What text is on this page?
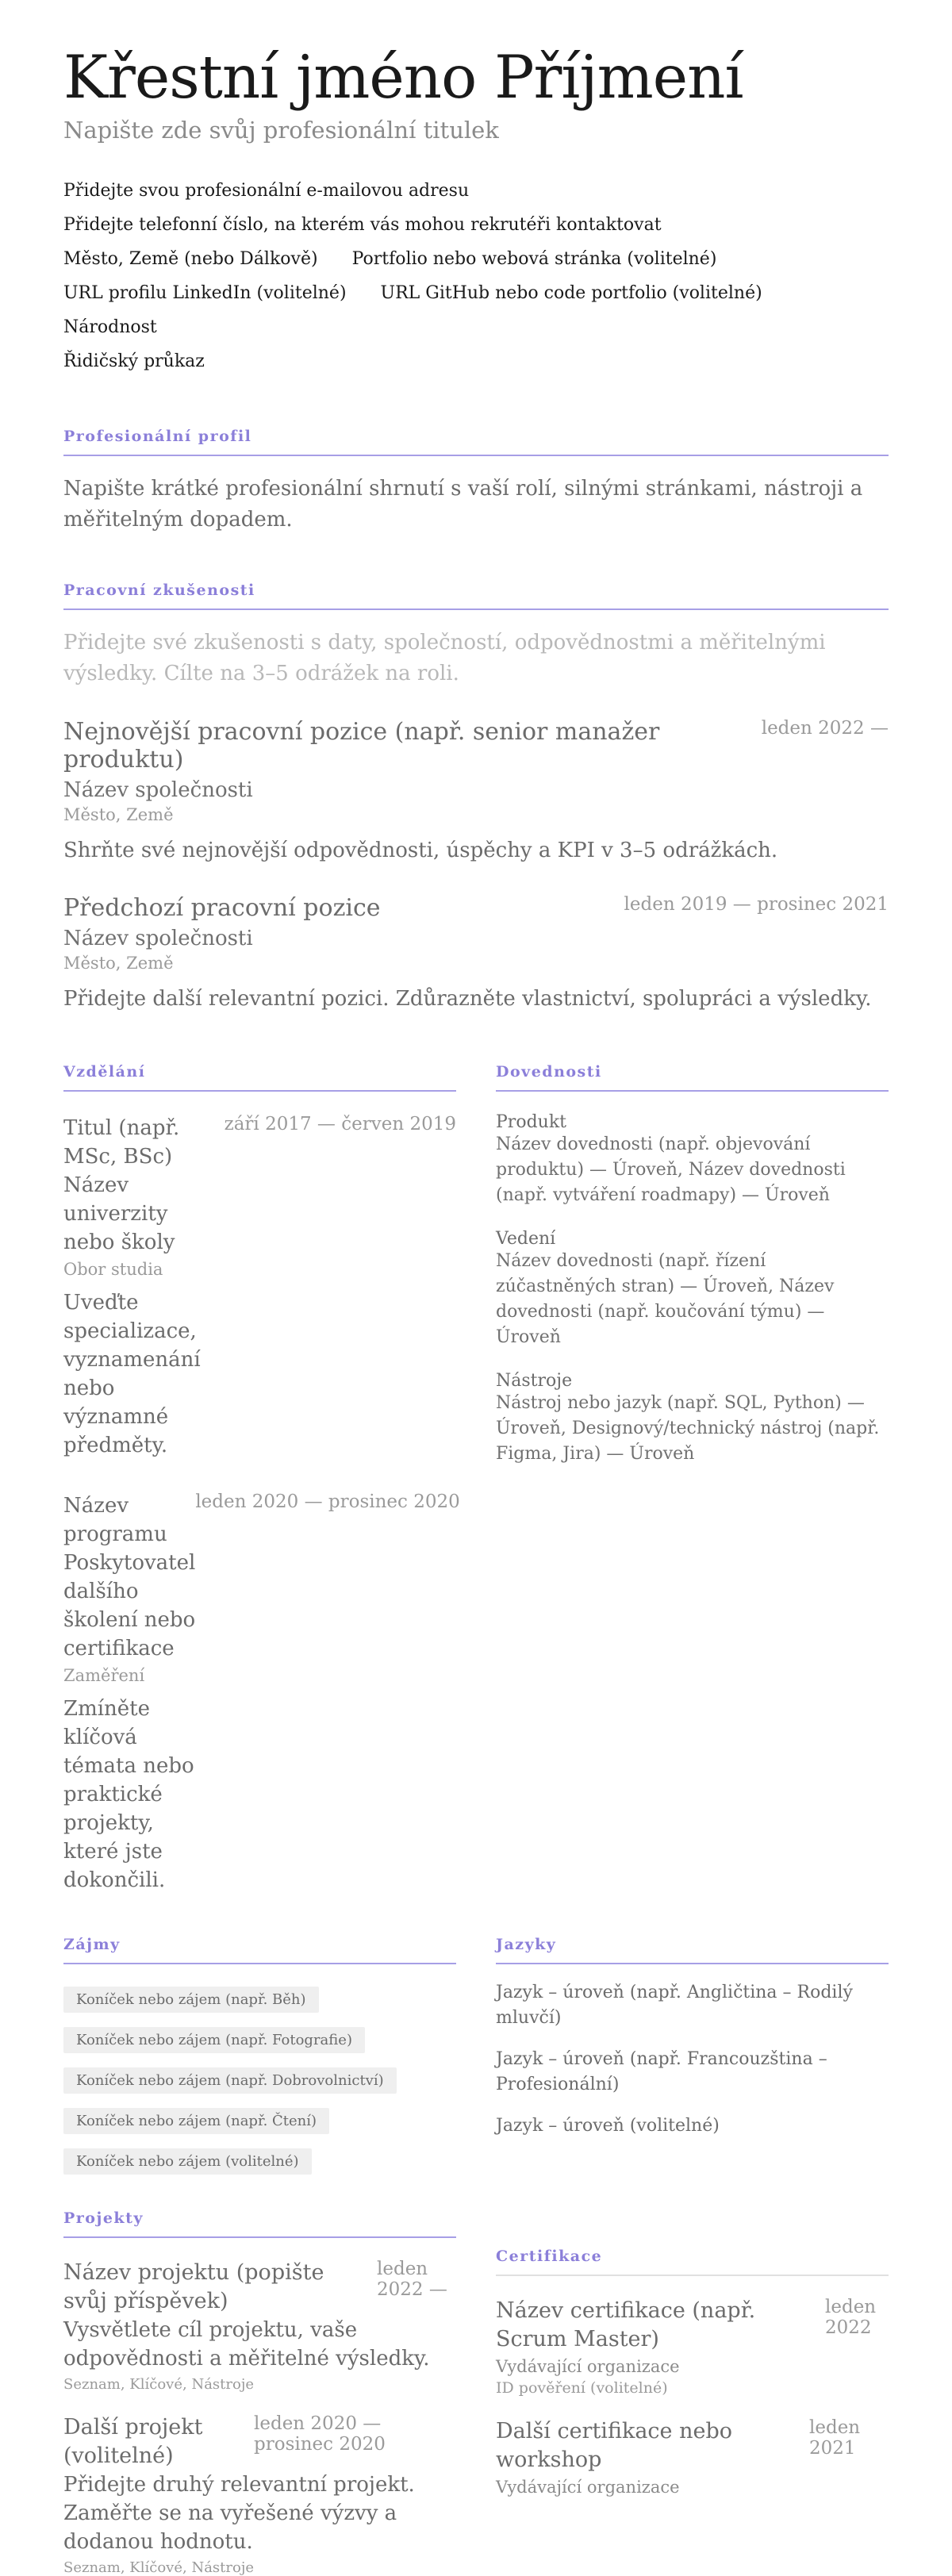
Křestní jméno Příjmení
Napište zde svůj profesionální titulek
Přidejte svou profesionální e-mailovou adresu
Přidejte telefonní číslo, na kterém vás mohou rekrutéři kontaktovat
Město, Země (nebo Dálkově) Portfolio nebo webová stránka (volitelné)
URL profilu LinkedIn (volitelné) URL GitHub nebo code portfolio (volitelné) Národnost
Řidičský průkaz
Profesionální profil
Napište krátké profesionální shrnutí s vaší rolí, silnými stránkami, nástroji a měřitelným dopadem.
Pracovní zkušenosti
Přidejte své zkušenosti s daty, společností, odpovědnostmi a měřitelnými výsledky. Cílte na 3–5 odrážek na roli.
Nejnovější pracovní pozice (např. senior manažer produktu)
leden 2022 —
Název společnosti
Město, Země
Shrňte své nejnovější odpovědnosti, úspěchy a KPI v 3–5 odrážkách.
Předchozí pracovní pozice	leden 2019 — prosinec 2021
Název společnosti
Město, Země
Přidejte další relevantní pozici. Zdůrazněte vlastnictví, spolupráci a výsledky.
Vzdělání
Titul (např. MSc, BSc) Název univerzity nebo školy
září 2017 — červen 2019
Obor studia
Uveďte specializace, vyznamenání nebo významné předměty.
Název programu Poskytovatel dalšího školení nebo certifikace
leden 2020 — prosinec 2020
Zaměření
Zmíněte klíčová témata nebo praktické projekty, které jste dokončili.
Dovednosti
Produkt
Název dovednosti (např. objevování produktu) — Úroveň, Název dovednosti (např. vytváření roadmapy) — Úroveň
Vedení
Název dovednosti (např. řízení zúčastněných stran) — Úroveň, Název dovednosti (např. koučování týmu) — Úroveň
Nástroje
Nástroj nebo jazyk (např. SQL, Python) — Úroveň, Designový/technický nástroj (např. Figma, Jira) — Úroveň
Zájmy
Koníček nebo zájem (např. Běh)
Koníček nebo zájem (např. Fotografie)
Koníček nebo zájem (např. Dobrovolnictví)
Koníček nebo zájem (např. Čtení)
Koníček nebo zájem (volitelné)
Jazyky
Jazyk – úroveň (např. Angličtina – Rodilý mluvčí)
Jazyk – úroveň (např. Francouzština – Profesionální)
Jazyk – úroveň (volitelné)
Projekty
Název projektu (popište svůj příspěvek)
leden 2022 —
Vysvětlete cíl projektu, vaše odpovědnosti a měřitelné výsledky.
Seznam, Klíčové, Nástroje
Další projekt (volitelné)
leden 2020 — prosinec 2020
Přidejte druhý relevantní projekt. Zaměřte se na vyřešené výzvy a dodanou hodnotu.
Seznam, Klíčové, Nástroje
Certifikace
Název certifikace (např. Scrum Master)
leden 2022
Vydávající organizace
ID pověření (volitelné)
Další certifikace nebo workshop
leden 2021
Vydávající organizace
